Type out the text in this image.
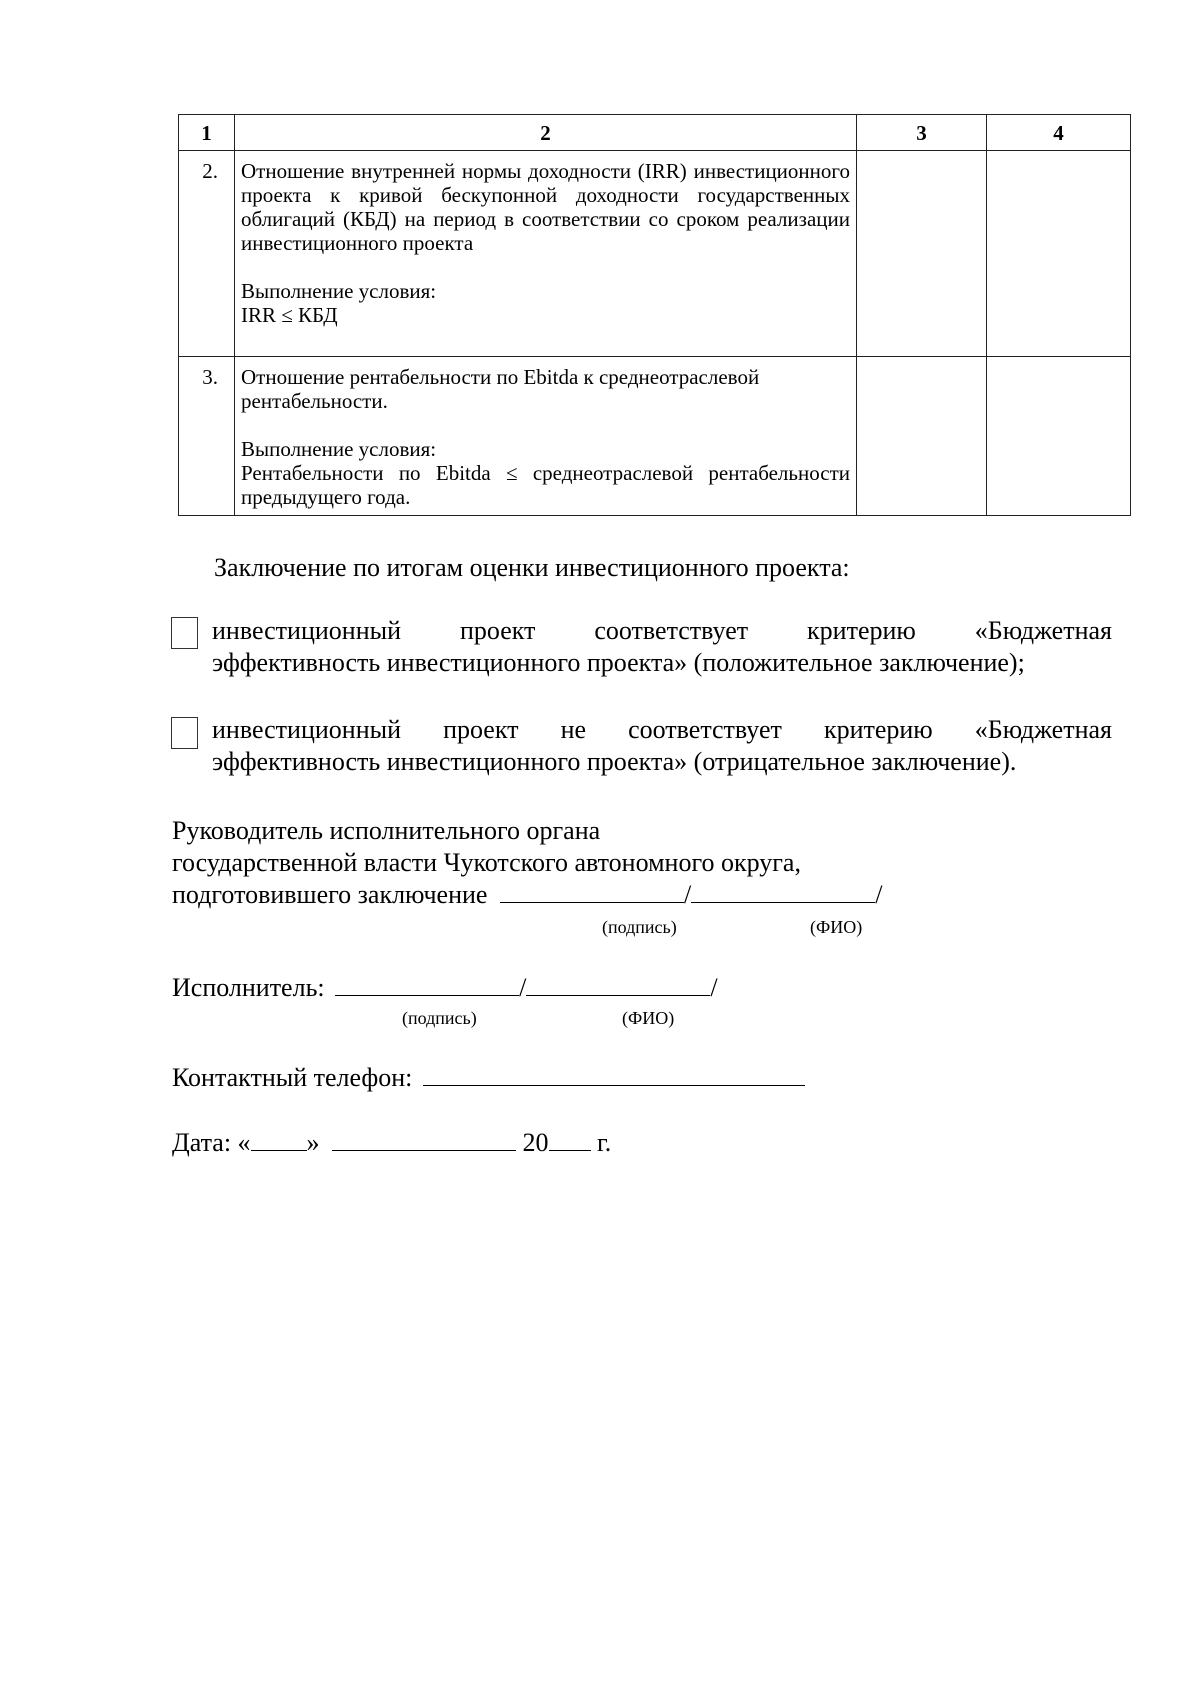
1	2	3	4
2.	Отношение внутренней нормы доходности (IRR) инвестиционного проекта к кривой бескупонной доходности государственных облигаций (КБД) на период в соответствии со сроком реализации инвестиционного проекта

Выполнение условия:

IRR ≤ КБД		

3.	Отношение рентабельности по Ebitda к среднеотраслевой рентабельности.

Выполнение условия:

Рентабельности по Ebitda ≤ среднеотраслевой рентабельности предыдущего года.		

Заключение по итогам оценки инвестиционного проекта:
инвестиционный проект соответствует критерию «Бюджетная
эффективность инвестиционного проекта» (положительное заключение);
инвестиционный проект не соответствует критерию «Бюджетная
эффективность инвестиционного проекта» (отрицательное заключение).
Руководитель исполнительного органа
государственной власти Чукотского автономного округа,
подготовившего заключение	/	/
(подпись)	(ФИО)
Исполнитель:	/	/
(подпись)	(ФИО)
Контактный телефон:
Дата: « »	20 г.
